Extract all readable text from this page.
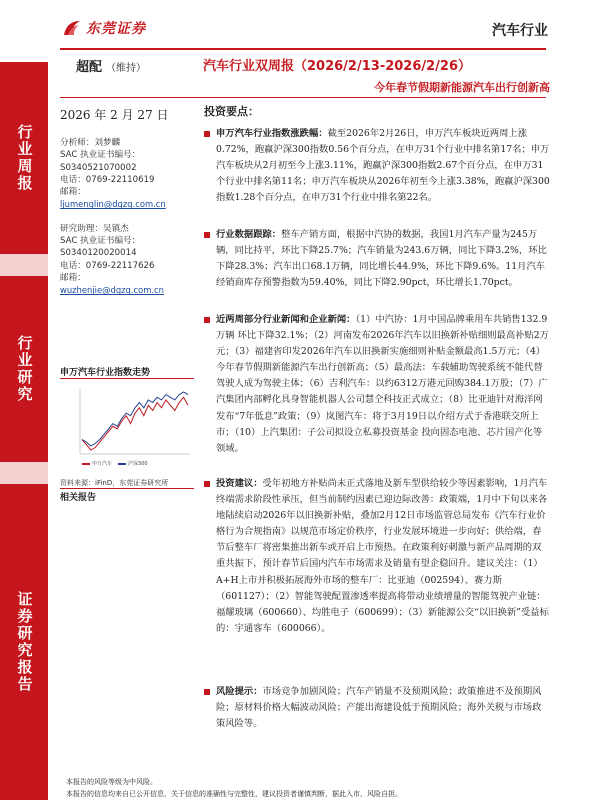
行业周报
行业研究
证券研究报告
东莞证券	汽车行业
超配 （维持）	汽车行业双周报（2026/2/13-2026/2/26）
今年春节假期新能源汽车出行创新高
2026 年 2 月 27 日
分析师：刘梦麟
SAC 执业证书编号：
S0340521070002
电话：0769-22110619
邮箱：
ljumenglin@dgzq.com.cn
研究助理：吴镇杰
SAC 执业证书编号：
S0340120020014
电话：0769-22117626
邮箱：
wuzhenjie@dgzq.com.cn
申万汽车行业指数走势
申万汽车	沪深300
资料来源：iFinD，东莞证券研究所
相关报告
投资要点：
申万汽车行业指数涨跌幅：截至2026年2月26日，申万汽车板块近两周上涨0.72%，跑赢沪深300指数0.56个百分点，在申万31个行业中排名第17名；申万汽车板块从2月初至今上涨3.11%，跑赢沪深300指数2.67个百分点，在申万31个行业中排名第11名；申万汽车板块从2026年初至今上涨3.38%，跑赢沪深300指数1.28个百分点，在申万31个行业中排名第22名。
行业数据跟踪：整车产销方面，根据中汽协的数据，我国1月汽车产量为245万辆，同比持平，环比下降25.7%；汽车销量为243.6万辆，同比下降3.2%，环比下降28.3%；汽车出口68.1万辆，同比增长44.9%，环比下降9.6%。11月汽车经销商库存预警指数为59.40%，同比下降2.90pct，环比增长1.70pct。
近两周部分行业新闻和企业新闻：（1）中汽协：1月中国品牌乘用车共销售132.9万辆 环比下降32.1%；（2）河南发布2026年汽车以旧换新补贴细则最高补贴2万元；（3）福建省印发2026年汽车以旧换新实施细则补贴金额最高1.5万元；（4）今年春节假期新能源汽车出行创新高；（5）最高法：车载辅助驾驶系统不能代替驾驶人成为驾驶主体；（6）吉利汽车：以约6312万港元回购384.1万股；（7）广汽集团内部孵化具身智能机器人公司慧仝科技正式成立；（8）比亚迪针对海洋网发布“7年低息”政策；（9）岚图汽车：将于3月19日以介绍方式于香港联交所上市；（10）上汽集团：子公司拟设立私募投资基金 投向固态电池、芯片国产化等领域。
投资建议：受年初地方补贴尚未正式落地及新车型供给较少等因素影响，1月汽车终端需求阶段性承压，但当前制约因素已迎边际改善：政策端，1月中下旬以来各地陆续启动2026年以旧换新补贴，叠加2月12日市场监管总局发布《汽车行业价格行为合规指南》以规范市场定价秩序，行业发展环境进一步向好；供给端，春节后整车厂将密集推出新车或开启上市预热。在政策利好刺激与新产品周期的双重共振下，预计春节后国内汽车市场需求及销量有望企稳回升。建议关注：（1）A+H上市并积极拓展海外市场的整车厂：比亚迪（002594）、赛力斯（601127）；（2）智能驾驶配置渗透率提高将带动业绩增量的智能驾驶产业链：福耀玻璃（600660）、均胜电子（600699）；（3）新能源公交“以旧换新”受益标的：宇通客车（600066）。
风险提示：市场竞争加剧风险；汽车产销量不及预期风险；政策推进不及预期风险；原材料价格大幅波动风险；产能出海建设低于预期风险；海外关税与市场政策风险等。
本报告的风险等级为中风险。
本报告的信息均来自已公开信息，关于信息的准确性与完整性，建议投资者谨慎判断，据此入市，风险自担。
